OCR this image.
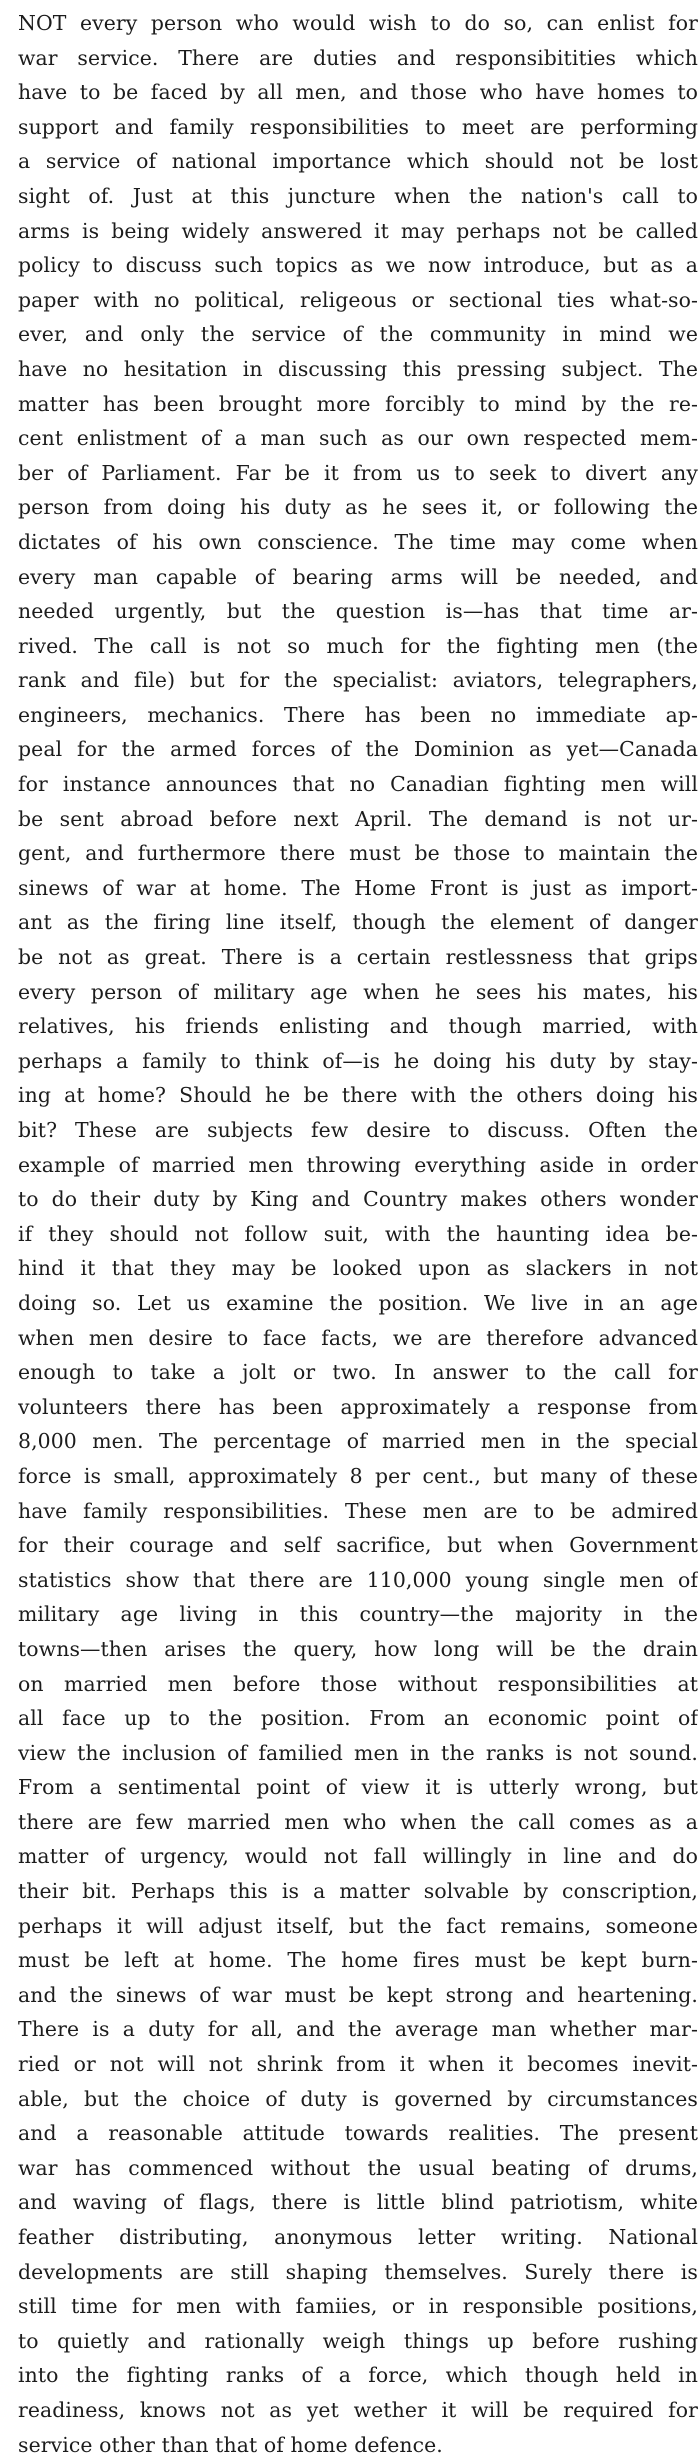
NOT every person who would wish to do so, can enlist for
war service. There are duties and responsibitities which
have to be faced by all men, and those who have homes to
support and family responsibilities to meet are performing
a service of national importance which should not be lost
sight of. Just at this juncture when the nation's call to
arms is being widely answered it may perhaps not be called
policy to discuss such topics as we now introduce, but as a
paper with no political, religeous or sectional ties what-so-
ever, and only the service of the community in mind we
have no hesitation in discussing this pressing subject. The
matter has been brought more forcibly to mind by the re-
cent enlistment of a man such as our own respected mem-
ber of Parliament. Far be it from us to seek to divert any
person from doing his duty as he sees it, or following the
dictates of his own conscience. The time may come when
every man capable of bearing arms will be needed, and
needed urgently, but the question is—has that time ar-
rived. The call is not so much for the fighting men (the
rank and file) but for the specialist: aviators, telegraphers,
engineers, mechanics. There has been no immediate ap-
peal for the armed forces of the Dominion as yet—Canada
for instance announces that no Canadian fighting men will
be sent abroad before next April. The demand is not ur-
gent, and furthermore there must be those to maintain the
sinews of war at home. The Home Front is just as import-
ant as the firing line itself, though the element of danger
be not as great. There is a certain restlessness that grips
every person of military age when he sees his mates, his
relatives, his friends enlisting and though married, with
perhaps a family to think of—is he doing his duty by stay-
ing at home? Should he be there with the others doing his
bit? These are subjects few desire to discuss. Often the
example of married men throwing everything aside in order
to do their duty by King and Country makes others wonder
if they should not follow suit, with the haunting idea be-
hind it that they may be looked upon as slackers in not
doing so. Let us examine the position. We live in an age
when men desire to face facts, we are therefore advanced
enough to take a jolt or two. In answer to the call for
volunteers there has been approximately a response from
8,000 men. The percentage of married men in the special
force is small, approximately 8 per cent., but many of these
have family responsibilities. These men are to be admired
for their courage and self sacrifice, but when Government
statistics show that there are 110,000 young single men of
military age living in this country—the majority in the
towns—then arises the query, how long will be the drain
on married men before those without responsibilities at
all face up to the position. From an economic point of
view the inclusion of familied men in the ranks is not sound.
From a sentimental point of view it is utterly wrong, but
there are few married men who when the call comes as a
matter of urgency, would not fall willingly in line and do
their bit. Perhaps this is a matter solvable by conscription,
perhaps it will adjust itself, but the fact remains, someone
must be left at home. The home fires must be kept burn-
and the sinews of war must be kept strong and heartening.
There is a duty for all, and the average man whether mar-
ried or not will not shrink from it when it becomes inevit-
able, but the choice of duty is governed by circumstances
and a reasonable attitude towards realities. The present
war has commenced without the usual beating of drums,
and waving of flags, there is little blind patriotism, white
feather distributing, anonymous letter writing. National
developments are still shaping themselves. Surely there is
still time for men with famiies, or in responsible positions,
to quietly and rationally weigh things up before rushing
into the fighting ranks of a force, which though held in
readiness, knows not as yet wether it will be required for
service other than that of home defence.
